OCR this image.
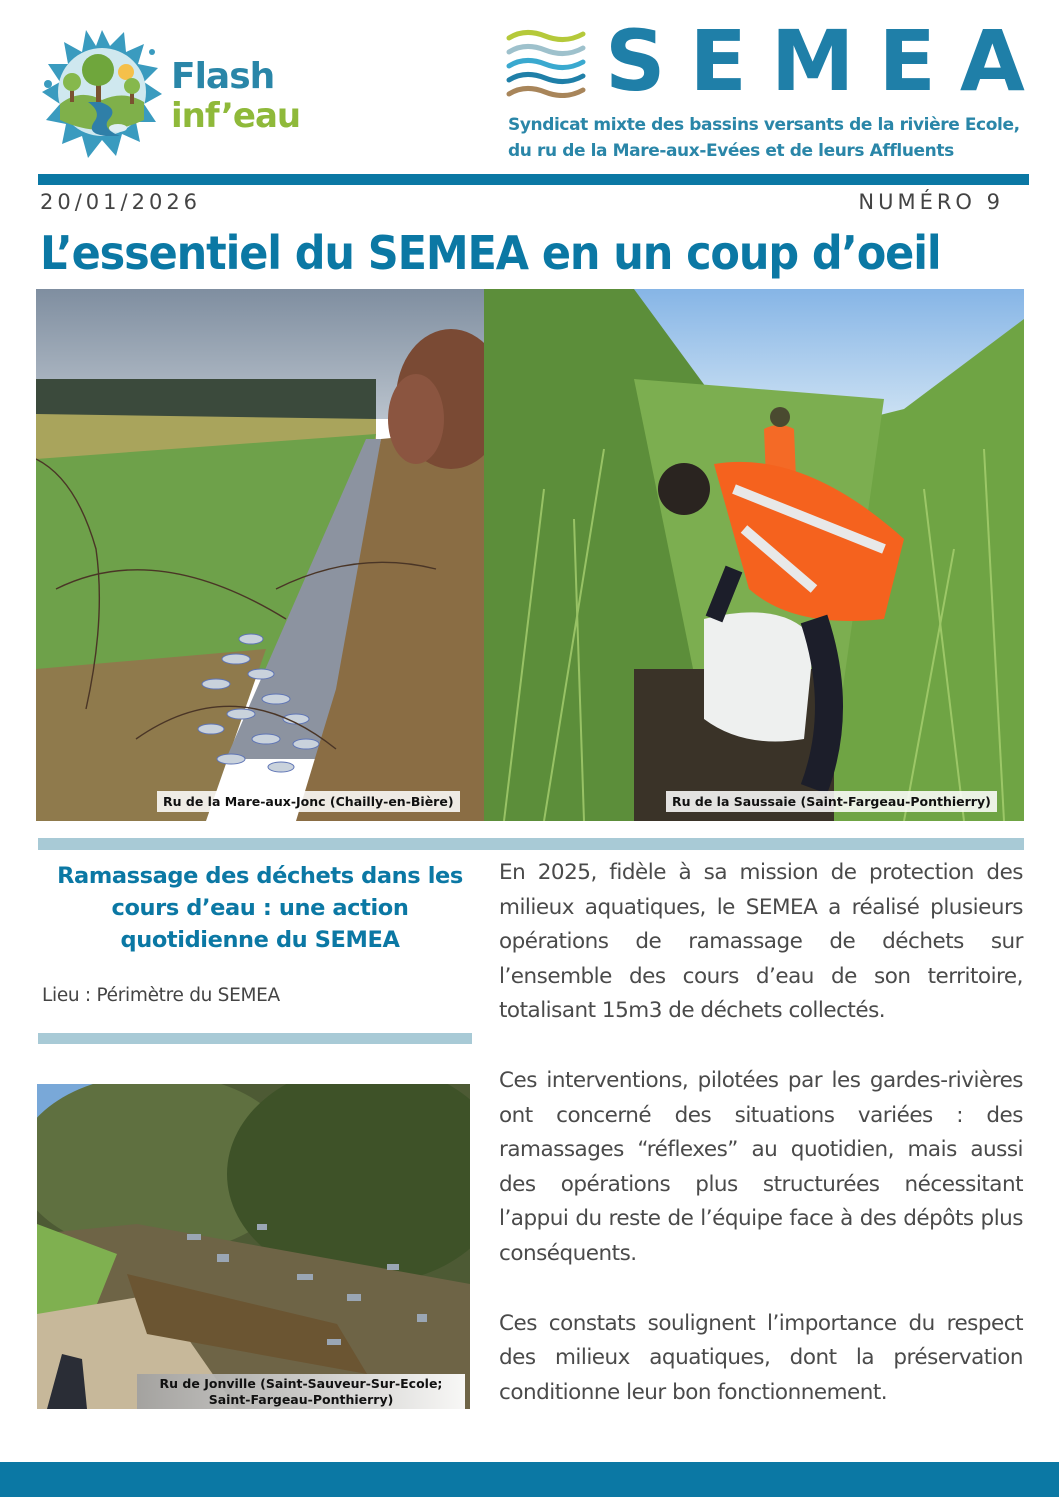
Flash
inf’eau
SEMEA
Syndicat mixte des bassins versants de la rivière Ecole,
du ru de la Mare-aux-Evées et de leurs Affluents
20/01/2026	NUMÉRO 9
L’essentiel du SEMEA en un coup d’oeil
Ru de la Mare-aux-Jonc (Chailly-en-Bière)	Ru de la Saussaie (Saint-Fargeau-Ponthierry)
Ramassage des déchets dans les cours d’eau : une action quotidienne du SEMEA
Lieu : Périmètre du SEMEA
Ru de Jonville (Saint-Sauveur-Sur-Ecole;
Saint-Fargeau-Ponthierry)

En 2025, fidèle à sa mission de protection des milieux aquatiques, le SEMEA a réalisé plusieurs opérations de ramassage de déchets sur l’ensemble des cours d’eau de son territoire, totalisant 15m3 de déchets collectés.

Ces interventions, pilotées par les gardes-rivières ont concerné des situations variées : des ramassages “réflexes” au quotidien, mais aussi des opérations plus structurées nécessitant l’appui du reste de l’équipe face à des dépôts plus conséquents.

Ces constats soulignent l’importance du respect des milieux aquatiques, dont la préservation conditionne leur bon fonctionnement.
